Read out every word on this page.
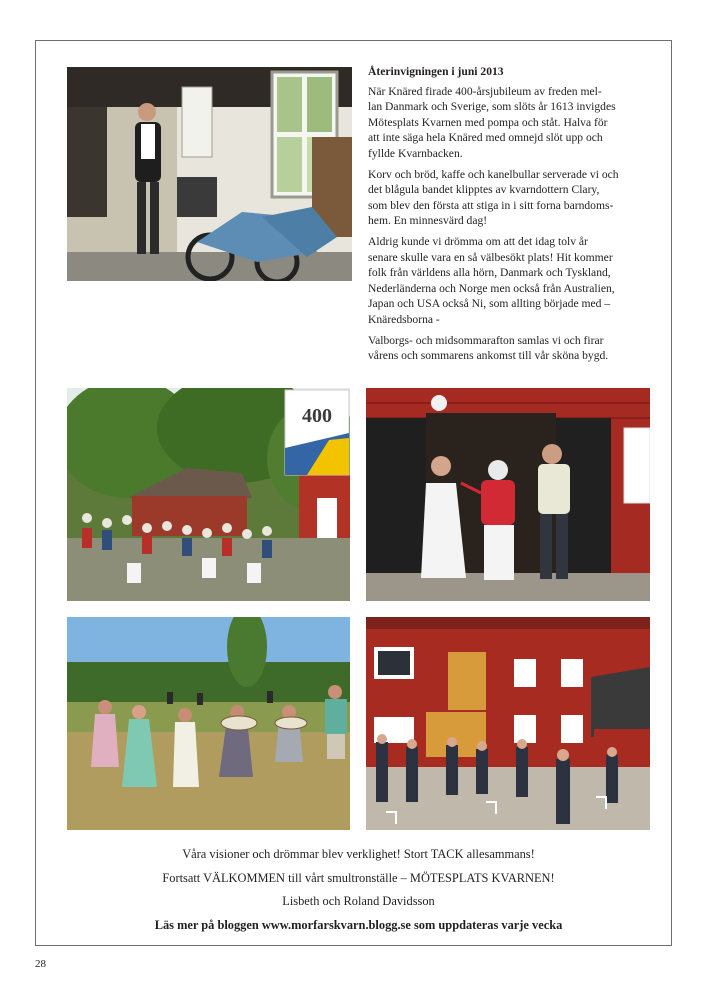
400
Återinvigningen i juni 2013

När Knäred firade 400-årsjubileum av freden mel-
lan Danmark och Sverige, som slöts år 1613 invigdes
Mötesplats Kvarnen med pompa och ståt. Halva för
att inte säga hela Knäred med omnejd slöt upp och
fyllde Kvarnbacken.

Korv och bröd, kaffe och kanelbullar serverade vi och
det blågula bandet klipptes av kvarndottern Clary,
som blev den första att stiga in i sitt forna barndoms-
hem. En minnesvärd dag!

Aldrig kunde vi drömma om att det idag tolv år
senare skulle vara en så välbesökt plats! Hit kommer
folk från världens alla hörn, Danmark och Tyskland,
Nederländerna och Norge men också från Australien,
Japan och USA också Ni, som allting började med –
Knäredsborna -

Valborgs- och midsommarafton samlas vi och firar
vårens och sommarens ankomst till vår sköna bygd.

Våra visioner och drömmar blev verklighet! Stort TACK allesammans!
Fortsatt VÄLKOMMEN till vårt smultronställe – MÖTESPLATS KVARNEN!
Lisbeth och Roland Davidsson
Läs mer på bloggen www.morfarskvarn.blogg.se som uppdateras varje vecka
28
